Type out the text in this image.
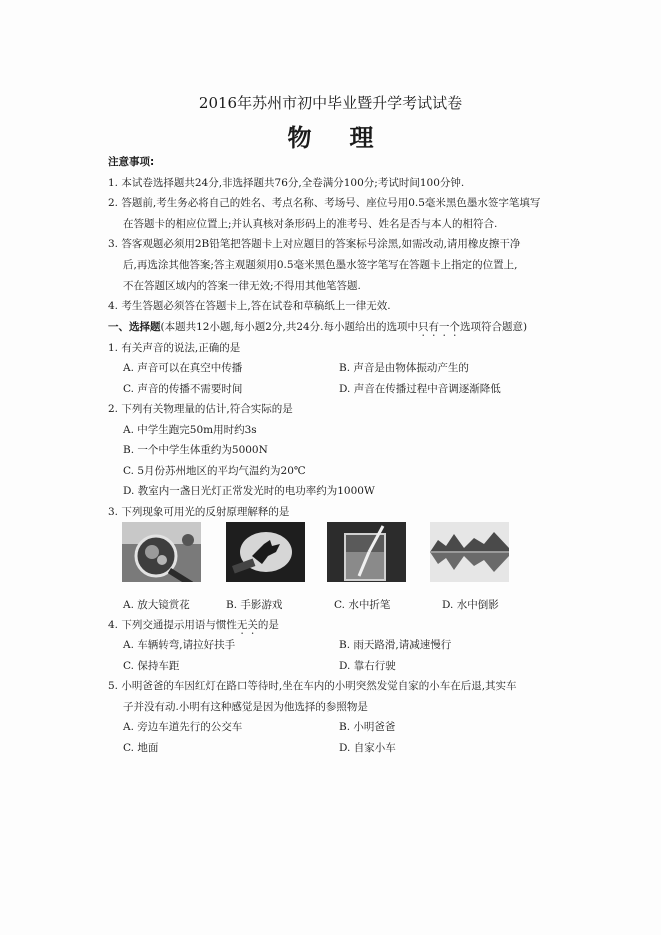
2016年苏州市初中毕业暨升学考试试卷
物理
注意事项:
1. 本试卷选择题共24分,非选择题共76分,全卷满分100分;考试时间100分钟.
2. 答题前,考生务必将自己的姓名、考点名称、考场号、座位号用0.5毫米黑色墨水签字笔填写
在答题卡的相应位置上;并认真核对条形码上的准考号、姓名是否与本人的相符合.
3. 答客观题必须用2B铅笔把答题卡上对应题目的答案标号涂黑,如需改动,请用橡皮擦干净
后,再选涂其他答案;答主观题须用0.5毫米黑色墨水签字笔写在答题卡上指定的位置上,
不在答题区域内的答案一律无效;不得用其他笔答题.
4. 考生答题必须答在答题卡上,答在试卷和草稿纸上一律无效.
一、选择题(本题共12小题,每小题2分,共24分.每小题给出的选项中只有一个选项符合题意)
1. 有关声音的说法,正确的是
A. 声音可以在真空中传播	B. 声音是由物体振动产生的
C. 声音的传播不需要时间	D. 声音在传播过程中音调逐渐降低
2. 下列有关物理量的估计,符合实际的是
A. 中学生跑完50m用时约3s
B. 一个中学生体重约为5000N
C. 5月份苏州地区的平均气温约为20℃
D. 教室内一盏日光灯正常发光时的电功率约为1000W
3. 下列现象可用光的反射原理解释的是
A. 放大镜赏花	B. 手影游戏	C. 水中折笔	D. 水中倒影
4. 下列交通提示用语与惯性无关的是
A. 车辆转弯,请拉好扶手	B. 雨天路滑,请减速慢行
C. 保持车距	D. 靠右行驶
5. 小明爸爸的车因红灯在路口等待时,坐在车内的小明突然发觉自家的小车在后退,其实车
子并没有动.小明有这种感觉是因为他选择的参照物是
A. 旁边车道先行的公交车	B. 小明爸爸
C. 地面	D. 自家小车
